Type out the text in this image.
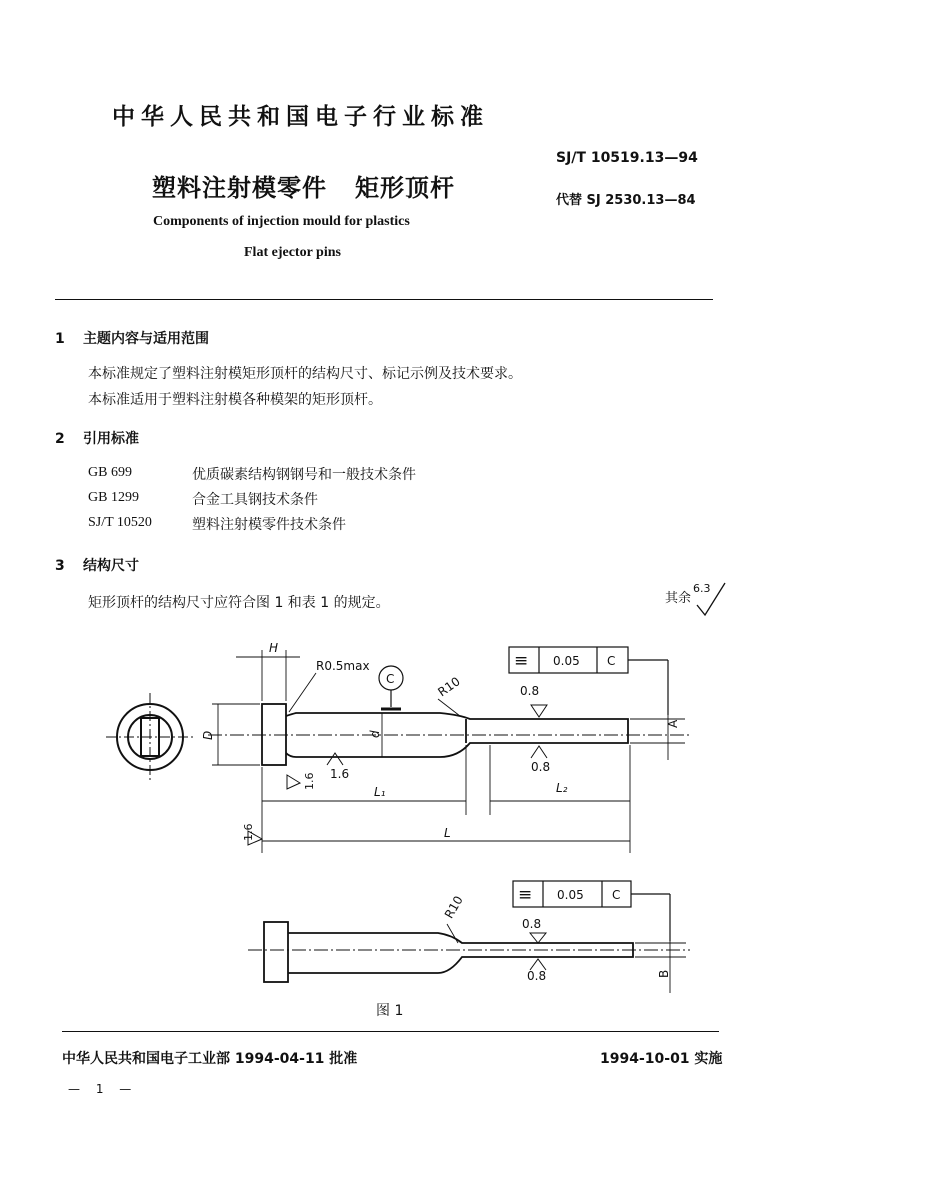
中华人民共和国电子行业标准
塑料注射模零件 矩形顶杆
SJ/T 10519.13—94
代替 SJ 2530.13—84
Components of injection mould for plastics
Flat ejector pins
1 主题内容与适用范围
本标准规定了塑料注射模矩形顶杆的结构尺寸、标记示例及技术要求。
本标准适用于塑料注射模各种模架的矩形顶杆。
2 引用标准
GB 699	优质碳素结构钢钢号和一般技术条件
GB 1299	合金工具钢技术条件
SJ/T 10520	塑料注射模零件技术条件
3 结构尺寸
矩形顶杆的结构尺寸应符合图 1 和表 1 的规定。	其余
6.3
H
R0.5max
D
C
d
R10
≡ 0.05 C
0.8
0.8
A
1.6
1.6
L₁	L₂
L
1.6
R10	≡ 0.05 C
0.8
0.8	B
图 1
中华人民共和国电子工业部 1994-04-11 批准	1994-10-01 实施
— 1 —
